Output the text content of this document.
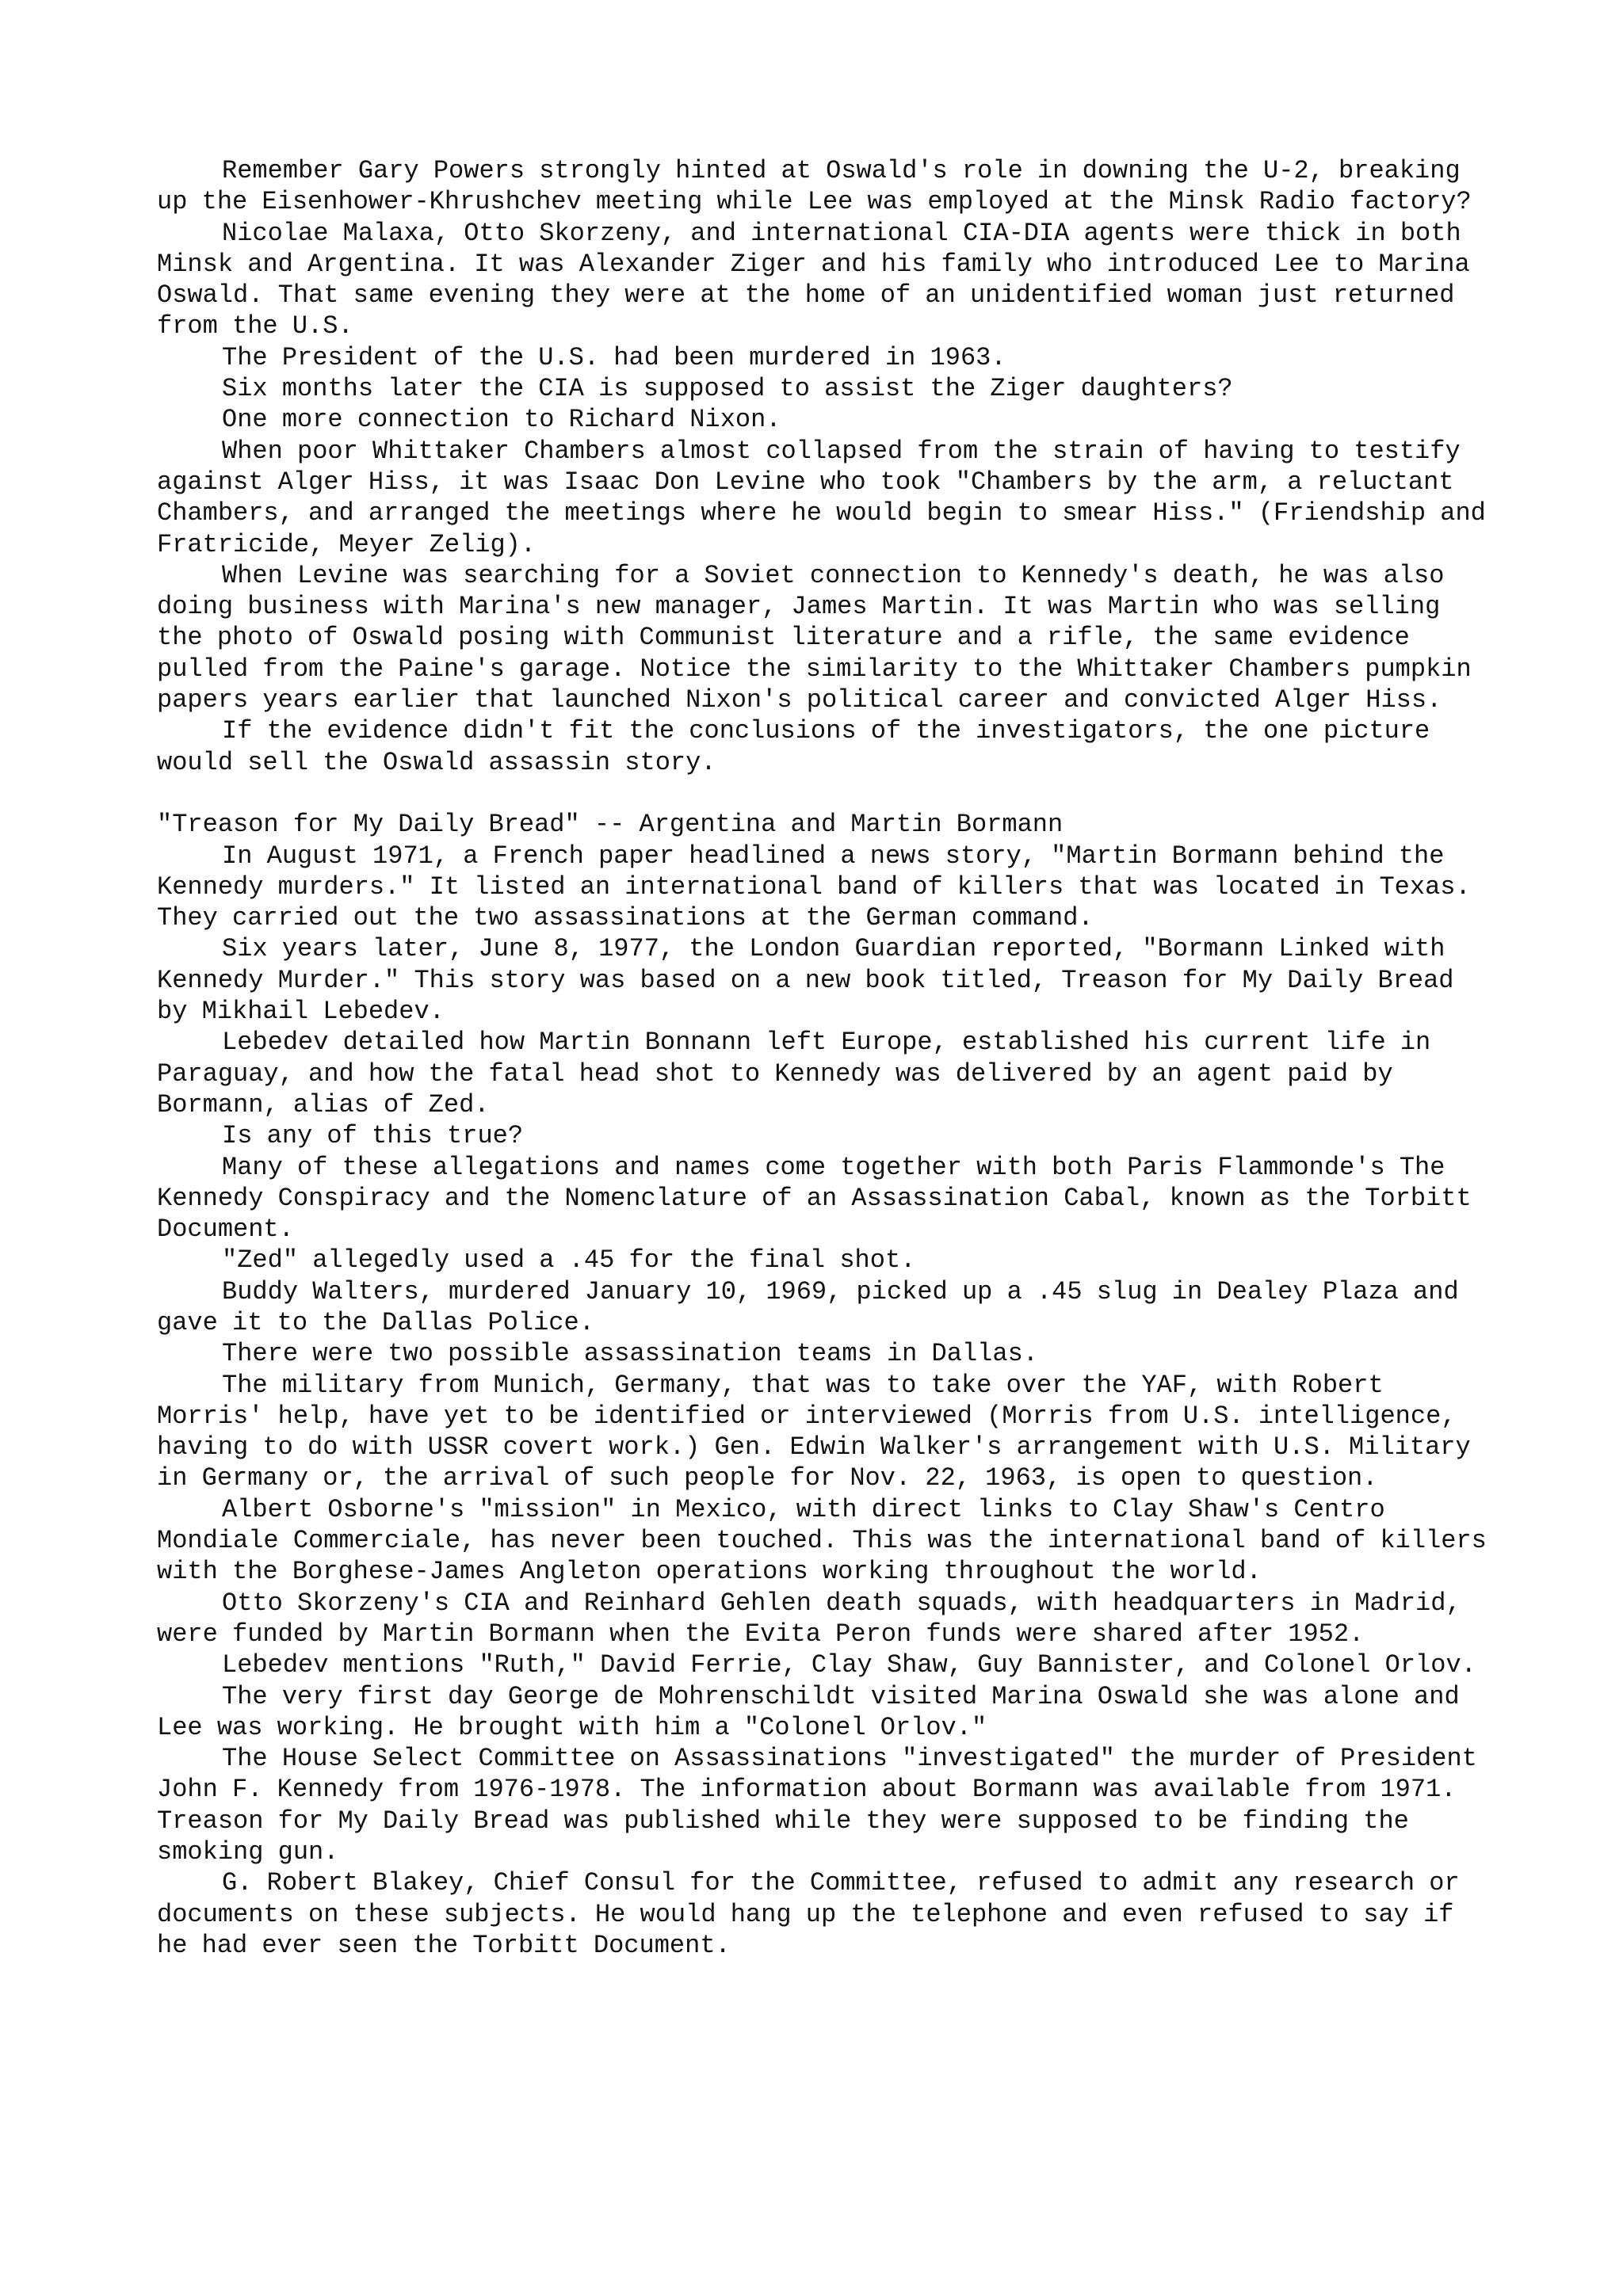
Remember Gary Powers strongly hinted at Oswald's role in downing the U-2, breaking up the Eisenhower-Khrushchev meeting while Lee was employed at the Minsk Radio factory?

Nicolae Malaxa, Otto Skorzeny, and international CIA-DIA agents were thick in both Minsk and Argentina. It was Alexander Ziger and his family who introduced Lee to Marina Oswald. That same evening they were at the home of an unidentified woman just returned from the U.S.

The President of the U.S. had been murdered in 1963.

Six months later the CIA is supposed to assist the Ziger daughters?

One more connection to Richard Nixon.

When poor Whittaker Chambers almost collapsed from the strain of having to testify against Alger Hiss, it was Isaac Don Levine who took "Chambers by the arm, a reluctant Chambers, and arranged the meetings where he would begin to smear Hiss." (Friendship and Fratricide, Meyer Zelig).

When Levine was searching for a Soviet connection to Kennedy's death, he was also doing business with Marina's new manager, James Martin. It was Martin who was selling the photo of Oswald posing with Communist literature and a rifle, the same evidence pulled from the Paine's garage. Notice the similarity to the Whittaker Chambers pumpkin papers years earlier that launched Nixon's political career and convicted Alger Hiss.

If the evidence didn't fit the conclusions of the investigators, the one picture would sell the Oswald assassin story.

"Treason for My Daily Bread" -- Argentina and Martin Bormann

In August 1971, a French paper headlined a news story, "Martin Bormann behind the Kennedy murders." It listed an international band of killers that was located in Texas. They carried out the two assassinations at the German command.

Six years later, June 8, 1977, the London Guardian reported, "Bormann Linked with Kennedy Murder." This story was based on a new book titled, Treason for My Daily Bread by Mikhail Lebedev.

Lebedev detailed how Martin Bonnann left Europe, established his current life in Paraguay, and how the fatal head shot to Kennedy was delivered by an agent paid by Bormann, alias of Zed.

Is any of this true?

Many of these allegations and names come together with both Paris Flammonde's The Kennedy Conspiracy and the Nomenclature of an Assassination Cabal, known as the Torbitt Document.

"Zed" allegedly used a .45 for the final shot.

Buddy Walters, murdered January 10, 1969, picked up a .45 slug in Dealey Plaza and gave it to the Dallas Police.

There were two possible assassination teams in Dallas.

The military from Munich, Germany, that was to take over the YAF, with Robert Morris' help, have yet to be identified or interviewed (Morris from U.S. intelligence, having to do with USSR covert work.) Gen. Edwin Walker's arrangement with U.S. Military in Germany or, the arrival of such people for Nov. 22, 1963, is open to question.

Albert Osborne's "mission" in Mexico, with direct links to Clay Shaw's Centro Mondiale Commerciale, has never been touched. This was the international band of killers with the Borghese-James Angleton operations working throughout the world.

Otto Skorzeny's CIA and Reinhard Gehlen death squads, with headquarters in Madrid, were funded by Martin Bormann when the Evita Peron funds were shared after 1952.

Lebedev mentions "Ruth," David Ferrie, Clay Shaw, Guy Bannister, and Colonel Orlov.

The very first day George de Mohrenschildt visited Marina Oswald she was alone and Lee was working. He brought with him a "Colonel Orlov."

The House Select Committee on Assassinations "investigated" the murder of President John F. Kennedy from 1976-1978. The information about Bormann was available from 1971. Treason for My Daily Bread was published while they were supposed to be finding the smoking gun.

G. Robert Blakey, Chief Consul for the Committee, refused to admit any research or documents on these subjects. He would hang up the telephone and even refused to say if he had ever seen the Torbitt Document.
